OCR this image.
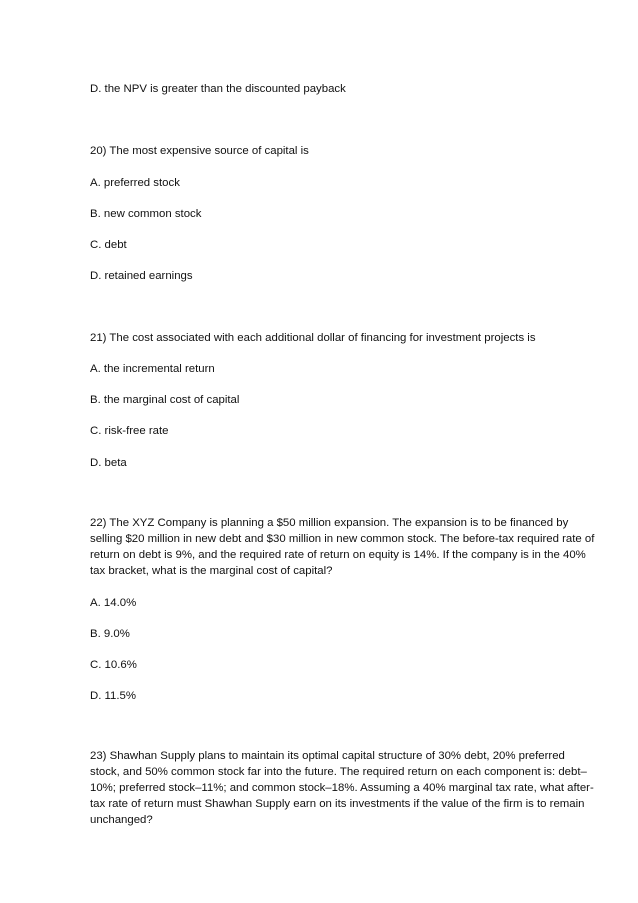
D. the NPV is greater than the discounted payback

20) The most expensive source of capital is

A. preferred stock

B. new common stock

C. debt

D. retained earnings

21) The cost associated with each additional dollar of financing for investment projects is

A. the incremental return

B. the marginal cost of capital

C. risk-free rate

D. beta

22) The XYZ Company is planning a $50 million expansion. The expansion is to be financed by selling $20 million in new debt and $30 million in new common stock. The before-tax required rate of return on debt is 9%, and the required rate of return on equity is 14%. If the company is in the 40% tax bracket, what is the marginal cost of capital?

A. 14.0%

B. 9.0%

C. 10.6%

D. 11.5%

23) Shawhan Supply plans to maintain its optimal capital structure of 30% debt, 20% preferred stock, and 50% common stock far into the future. The required return on each component is: debt–10%; preferred stock–11%; and common stock–18%. Assuming a 40% marginal tax rate, what after-tax rate of return must Shawhan Supply earn on its investments if the value of the firm is to remain unchanged?
